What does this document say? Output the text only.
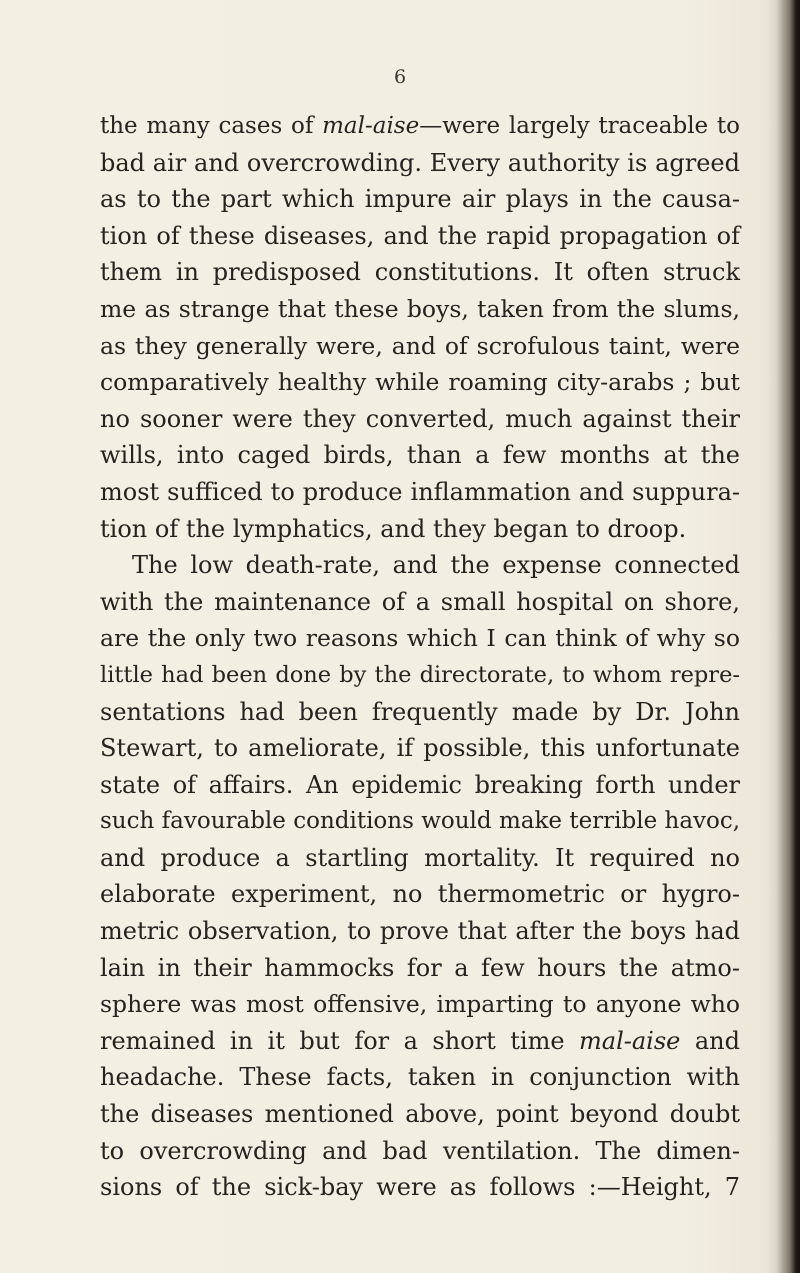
6
the many cases of mal-aise—were largely traceable to
bad air and overcrowding. Every authority is agreed
as to the part which impure air plays in the causa-
tion of these diseases, and the rapid propagation of
them in predisposed constitutions. It often struck
me as strange that these boys, taken from the slums,
as they generally were, and of scrofulous taint, were
comparatively healthy while roaming city-arabs ; but
no sooner were they converted, much against their
wills, into caged birds, than a few months at the
most sufficed to produce inflammation and suppura-
tion of the lymphatics, and they began to droop.
The low death-rate, and the expense connected
with the maintenance of a small hospital on shore,
are the only two reasons which I can think of why so
little had been done by the directorate, to whom repre-
sentations had been frequently made by Dr. John
Stewart, to ameliorate, if possible, this unfortunate
state of affairs. An epidemic breaking forth under
such favourable conditions would make terrible havoc,
and produce a startling mortality. It required no
elaborate experiment, no thermometric or hygro-
metric observation, to prove that after the boys had
lain in their hammocks for a few hours the atmo-
sphere was most offensive, imparting to anyone who
remained in it but for a short time mal-aise and
headache. These facts, taken in conjunction with
the diseases mentioned above, point beyond doubt
to overcrowding and bad ventilation. The dimen-
sions of the sick-bay were as follows :—Height, 7
